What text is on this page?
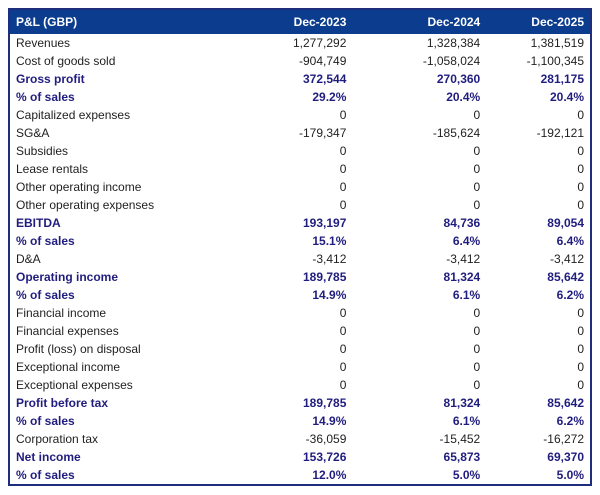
P&L (GBP)	Dec-2023	Dec-2024	Dec-2025
Revenues	1,277,292	1,328,384	1,381,519
Cost of goods sold	-904,749	-1,058,024	-1,100,345
Gross profit	372,544	270,360	281,175
% of sales	29.2%	20.4%	20.4%
Capitalized expenses	0	0	0
SG&A	-179,347	-185,624	-192,121
Subsidies	0	0	0
Lease rentals	0	0	0
Other operating income	0	0	0
Other operating expenses	0	0	0
EBITDA	193,197	84,736	89,054
% of sales	15.1%	6.4%	6.4%
D&A	-3,412	-3,412	-3,412
Operating income	189,785	81,324	85,642
% of sales	14.9%	6.1%	6.2%
Financial income	0	0	0
Financial expenses	0	0	0
Profit (loss) on disposal	0	0	0
Exceptional income	0	0	0
Exceptional expenses	0	0	0
Profit before tax	189,785	81,324	85,642
% of sales	14.9%	6.1%	6.2%
Corporation tax	-36,059	-15,452	-16,272
Net income	153,726	65,873	69,370
% of sales	12.0%	5.0%	5.0%
